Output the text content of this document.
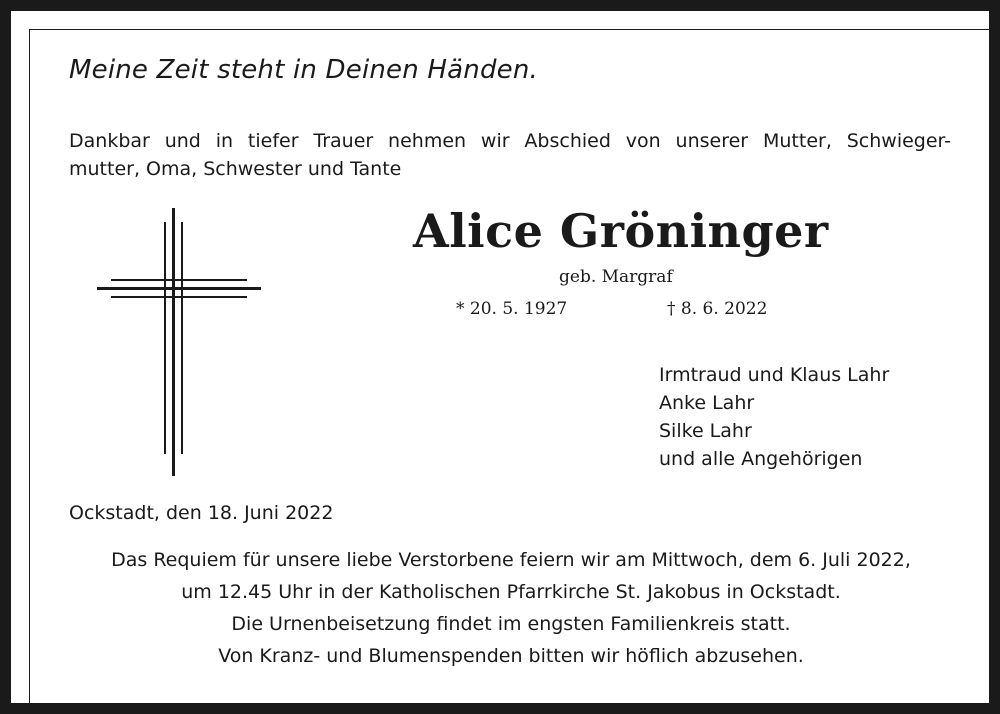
Meine Zeit steht in Deinen Händen.

Dankbar und in tiefer Trauer nehmen wir Abschied von unserer Mutter, Schwieger-
mutter, Oma, Schwester und Tante

Alice Gröninger
geb. Margraf
* 20. 5. 1927	† 8. 6. 2022
Irmtraud und Klaus Lahr
Anke Lahr
Silke Lahr
und alle Angehörigen
Ockstadt, den 18. Juni 2022
Das Requiem für unsere liebe Verstorbene feiern wir am Mittwoch, dem 6. Juli 2022,
um 12.45 Uhr in der Katholischen Pfarrkirche St. Jakobus in Ockstadt.
Die Urnenbeisetzung findet im engsten Familienkreis statt.
Von Kranz- und Blumenspenden bitten wir höflich abzusehen.
